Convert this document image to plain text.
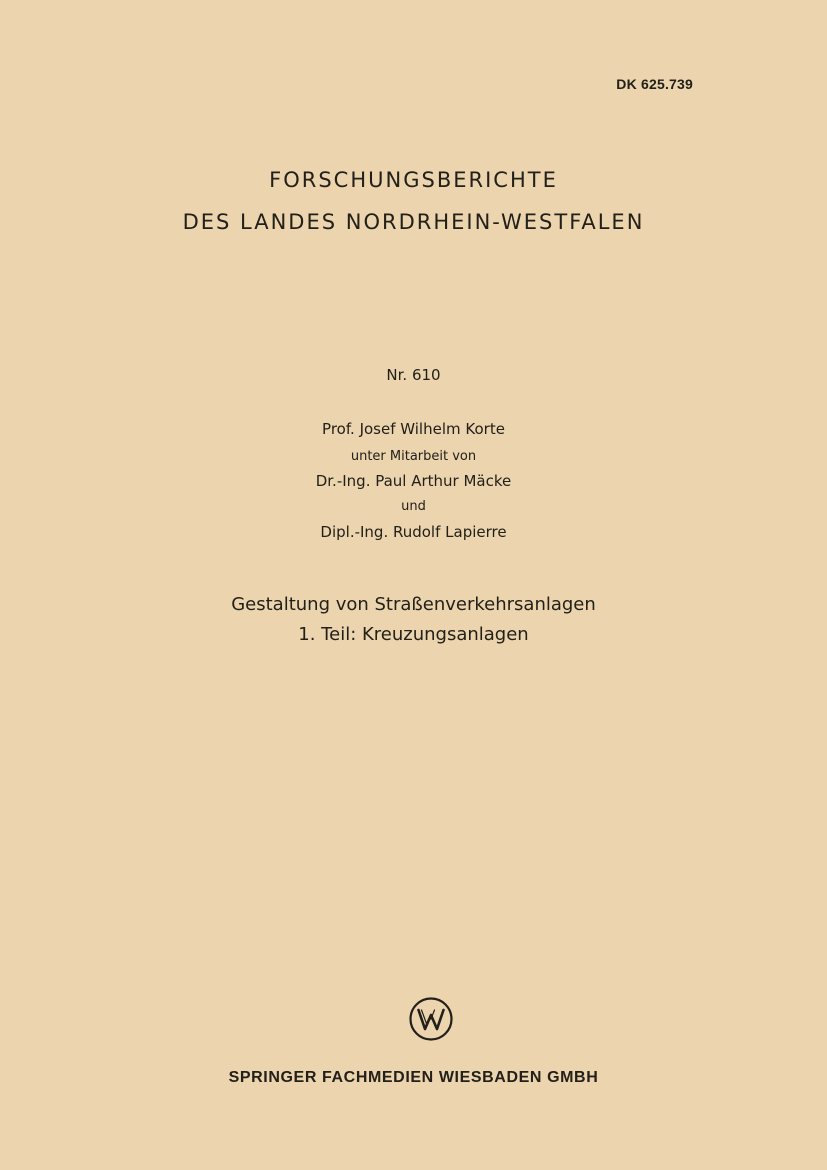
DK 625.739
FORSCHUNGSBERICHTE
DES LANDES NORDRHEIN-WESTFALEN
Nr. 610
Prof. Josef Wilhelm Korte
unter Mitarbeit von
Dr.-Ing. Paul Arthur Mäcke
und
Dipl.-Ing. Rudolf Lapierre
Gestaltung von Straßenverkehrsanlagen
1. Teil: Kreuzungsanlagen
SPRINGER FACHMEDIEN WIESBADEN GMBH
